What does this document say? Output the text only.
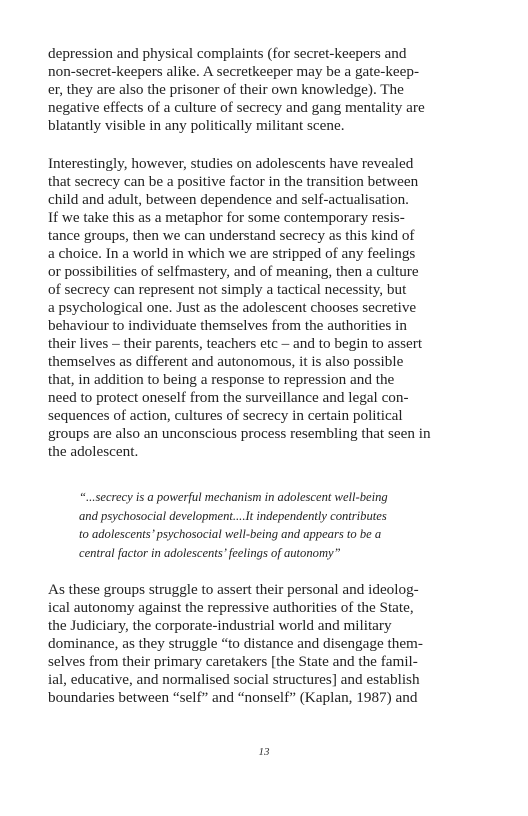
depression and physical complaints (for secret-keepers and
non-secret-keepers alike. A secretkeeper may be a gate-keep-
er, they are also the prisoner of their own knowledge). The
negative effects of a culture of secrecy and gang mentality are
blatantly visible in any politically militant scene.
Interestingly, however, studies on adolescents have revealed
that secrecy can be a positive factor in the transition between
child and adult, between dependence and self-actualisation.
If we take this as a metaphor for some contemporary resis-
tance groups, then we can understand secrecy as this kind of
a choice. In a world in which we are stripped of any feelings
or possibilities of selfmastery, and of meaning, then a culture
of secrecy can represent not simply a tactical necessity, but
a psychological one. Just as the adolescent chooses secretive
behaviour to individuate themselves from the authorities in
their lives – their parents, teachers etc – and to begin to assert
themselves as different and autonomous, it is also possible
that, in addition to being a response to repression and the
need to protect oneself from the surveillance and legal con-
sequences of action, cultures of secrecy in certain political
groups are also an unconscious process resembling that seen in
the adolescent.
“...secrecy is a powerful mechanism in adolescent well-being
and psychosocial development....It independently contributes
to adolescents’ psychosocial well-being and appears to be a
central factor in adolescents’ feelings of autonomy”
As these groups struggle to assert their personal and ideolog-
ical autonomy against the repressive authorities of the State,
the Judiciary, the corporate-industrial world and military
dominance, as they struggle “to distance and disengage them-
selves from their primary caretakers [the State and the famil-
ial, educative, and normalised social structures] and establish
boundaries between “self” and “nonself” (Kaplan, 1987) and
13
